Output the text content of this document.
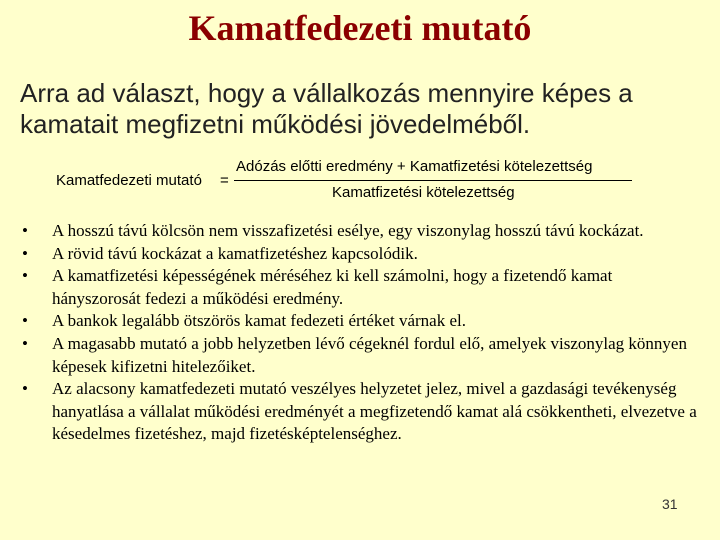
Kamatfedezeti mutató
Arra ad választ, hogy a vállalkozás mennyire képes a kamatait megfizetni működési jövedelméből.
Kamatfedezeti mutató =
Adózás előtti eredmény + Kamatfizetési kötelezettség
Kamatfizetési kötelezettség
•	A hosszú távú kölcsön nem visszafizetési esélye, egy viszonylag hosszú távú kockázat.
•	A rövid távú kockázat a kamatfizetéshez kapcsolódik.
•	A kamatfizetési képességének méréséhez ki kell számolni, hogy a fizetendő kamat hányszorosát fedezi a működési eredmény.
•	A bankok legalább ötszörös kamat fedezeti értéket várnak el.
•	A magasabb mutató a jobb helyzetben lévő cégeknél fordul elő, amelyek viszonylag könnyen képesek kifizetni hitelezőiket.
•	Az alacsony kamatfedezeti mutató veszélyes helyzetet jelez, mivel a gazdasági tevékenység hanyatlása a vállalat működési eredményét a megfizetendő kamat alá csökkentheti, elvezetve a késedelmes fizetéshez, majd fizetésképtelenséghez.
31
